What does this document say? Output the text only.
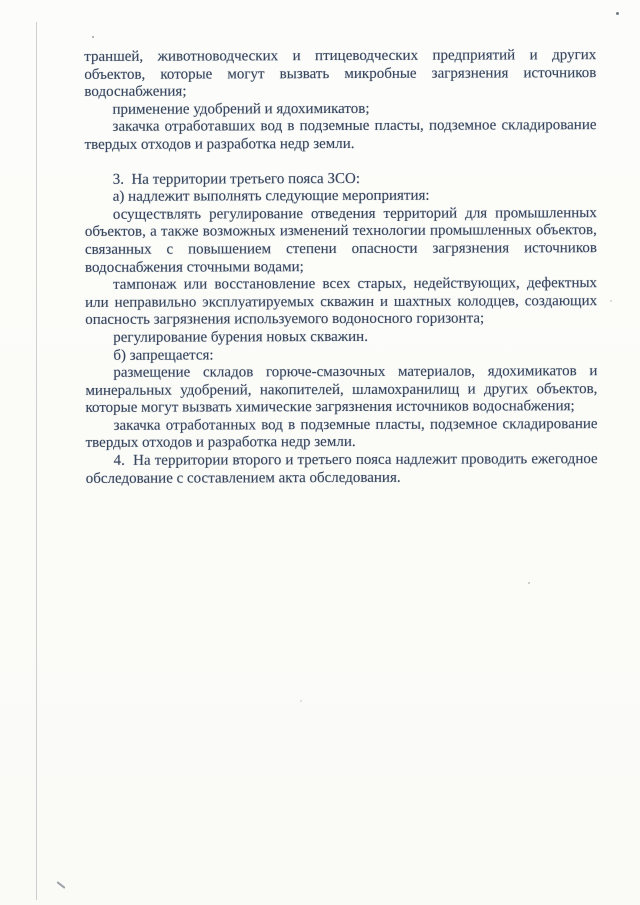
траншей, животноводческих и птицеводческих предприятий и других объектов, которые могут вызвать микробные загрязнения источников водоснабжения;

применение удобрений и ядохимикатов;

закачка отработавших вод в подземные пласты, подземное складирование твердых отходов и разработка недр земли.

3.  На территории третьего пояса ЗСО:

а) надлежит выполнять следующие мероприятия:

осуществлять регулирование отведения территорий для промышленных объектов, а также возможных изменений технологии промышленных объектов, связанных с повышением степени опасности загрязнения источников водоснабжения сточными водами;

тампонаж или восстановление всех старых, недействующих, дефектных или неправильно эксплуатируемых скважин и шахтных колодцев, создающих опасность загрязнения используемого водоносного горизонта;

регулирование бурения новых скважин.

б) запрещается:

размещение складов горюче-смазочных материалов, ядохимикатов и минеральных удобрений, накопителей, шламохранилищ и других объектов, которые могут вызвать химические загрязнения источников водоснабжения;

закачка отработанных вод в подземные пласты, подземное складирование твердых отходов и разработка недр земли.

4.  На территории второго и третьего пояса надлежит проводить ежегодное обследование с составлением акта обследования.
